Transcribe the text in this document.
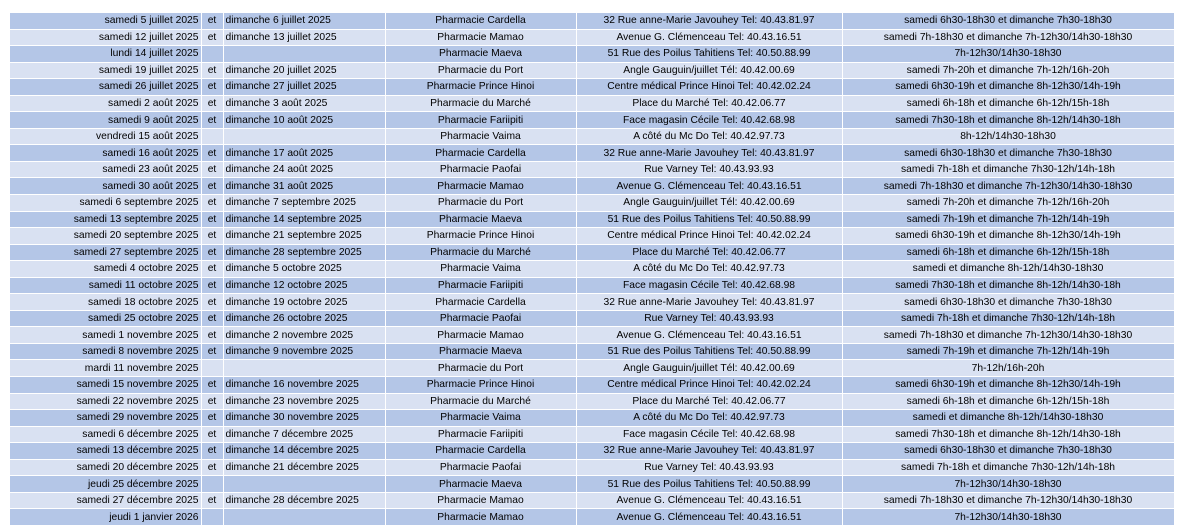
samedi 5 juillet 2025	et	dimanche 6 juillet 2025	Pharmacie Cardella	32 Rue anne-Marie Javouhey Tel: 40.43.81.97	samedi 6h30-18h30 et dimanche 7h30-18h30
samedi 12 juillet 2025	et	dimanche 13 juillet 2025	Pharmacie Mamao	Avenue G. Clémenceau Tel: 40.43.16.51	samedi 7h-18h30 et dimanche 7h-12h30/14h30-18h30
lundi 14 juillet 2025			Pharmacie Maeva	51 Rue des Poilus Tahitiens Tel: 40.50.88.99	7h-12h30/14h30-18h30
samedi 19 juillet 2025	et	dimanche 20 juillet 2025	Pharmacie du Port	Angle Gauguin/juillet Tél: 40.42.00.69	samedi 7h-20h et dimanche 7h-12h/16h-20h
samedi 26 juillet 2025	et	dimanche 27 juillet 2025	Pharmacie Prince Hinoi	Centre médical Prince Hinoi Tel: 40.42.02.24	samedi 6h30-19h et dimanche 8h-12h30/14h-19h
samedi 2 août 2025	et	dimanche 3 août 2025	Pharmacie du Marché	Place du Marché Tel: 40.42.06.77	samedi 6h-18h et dimanche 6h-12h/15h-18h
samedi 9 août 2025	et	dimanche 10 août 2025	Pharmacie Fariipiti	Face magasin Cécile Tel: 40.42.68.98	samedi 7h30-18h et dimanche 8h-12h/14h30-18h
vendredi 15 août 2025			Pharmacie Vaima	A côté du Mc Do Tel: 40.42.97.73	8h-12h/14h30-18h30
samedi 16 août 2025	et	dimanche 17 août 2025	Pharmacie Cardella	32 Rue anne-Marie Javouhey Tel: 40.43.81.97	samedi 6h30-18h30 et dimanche 7h30-18h30
samedi 23 août 2025	et	dimanche 24 août 2025	Pharmacie Paofai	Rue Varney Tel: 40.43.93.93	samedi 7h-18h et dimanche 7h30-12h/14h-18h
samedi 30 août 2025	et	dimanche 31 août 2025	Pharmacie Mamao	Avenue G. Clémenceau Tel: 40.43.16.51	samedi 7h-18h30 et dimanche 7h-12h30/14h30-18h30
samedi 6 septembre 2025	et	dimanche 7 septembre 2025	Pharmacie du Port	Angle Gauguin/juillet Tél: 40.42.00.69	samedi 7h-20h et dimanche 7h-12h/16h-20h
samedi 13 septembre 2025	et	dimanche 14 septembre 2025	Pharmacie Maeva	51 Rue des Poilus Tahitiens Tel: 40.50.88.99	samedi 7h-19h et dimanche 7h-12h/14h-19h
samedi 20 septembre 2025	et	dimanche 21 septembre 2025	Pharmacie Prince Hinoi	Centre médical Prince Hinoi Tel: 40.42.02.24	samedi 6h30-19h et dimanche 8h-12h30/14h-19h
samedi 27 septembre 2025	et	dimanche 28 septembre 2025	Pharmacie du Marché	Place du Marché Tel: 40.42.06.77	samedi 6h-18h et dimanche 6h-12h/15h-18h
samedi 4 octobre 2025	et	dimanche 5 octobre 2025	Pharmacie Vaima	A côté du Mc Do Tel: 40.42.97.73	samedi et dimanche 8h-12h/14h30-18h30
samedi 11 octobre 2025	et	dimanche 12 octobre 2025	Pharmacie Fariipiti	Face magasin Cécile Tel: 40.42.68.98	samedi 7h30-18h et dimanche 8h-12h/14h30-18h
samedi 18 octobre 2025	et	dimanche 19 octobre 2025	Pharmacie Cardella	32 Rue anne-Marie Javouhey Tel: 40.43.81.97	samedi 6h30-18h30 et dimanche 7h30-18h30
samedi 25 octobre 2025	et	dimanche 26 octobre 2025	Pharmacie Paofai	Rue Varney Tel: 40.43.93.93	samedi 7h-18h et dimanche 7h30-12h/14h-18h
samedi 1 novembre 2025	et	dimanche 2 novembre 2025	Pharmacie Mamao	Avenue G. Clémenceau Tel: 40.43.16.51	samedi 7h-18h30 et dimanche 7h-12h30/14h30-18h30
samedi 8 novembre 2025	et	dimanche 9 novembre 2025	Pharmacie Maeva	51 Rue des Poilus Tahitiens Tel: 40.50.88.99	samedi 7h-19h et dimanche 7h-12h/14h-19h
mardi 11 novembre 2025			Pharmacie du Port	Angle Gauguin/juillet Tél: 40.42.00.69	7h-12h/16h-20h
samedi 15 novembre 2025	et	dimanche 16 novembre 2025	Pharmacie Prince Hinoi	Centre médical Prince Hinoi Tel: 40.42.02.24	samedi 6h30-19h et dimanche 8h-12h30/14h-19h
samedi 22 novembre 2025	et	dimanche 23 novembre 2025	Pharmacie du Marché	Place du Marché Tel: 40.42.06.77	samedi 6h-18h et dimanche 6h-12h/15h-18h
samedi 29 novembre 2025	et	dimanche 30 novembre 2025	Pharmacie Vaima	A côté du Mc Do Tel: 40.42.97.73	samedi et dimanche 8h-12h/14h30-18h30
samedi 6 décembre 2025	et	dimanche 7 décembre 2025	Pharmacie Fariipiti	Face magasin Cécile Tel: 40.42.68.98	samedi 7h30-18h et dimanche 8h-12h/14h30-18h
samedi 13 décembre 2025	et	dimanche 14 décembre 2025	Pharmacie Cardella	32 Rue anne-Marie Javouhey Tel: 40.43.81.97	samedi 6h30-18h30 et dimanche 7h30-18h30
samedi 20 décembre 2025	et	dimanche 21 décembre 2025	Pharmacie Paofai	Rue Varney Tel: 40.43.93.93	samedi 7h-18h et dimanche 7h30-12h/14h-18h
jeudi 25 décembre 2025			Pharmacie Maeva	51 Rue des Poilus Tahitiens Tel: 40.50.88.99	7h-12h30/14h30-18h30
samedi 27 décembre 2025	et	dimanche 28 décembre 2025	Pharmacie Mamao	Avenue G. Clémenceau Tel: 40.43.16.51	samedi 7h-18h30 et dimanche 7h-12h30/14h30-18h30
jeudi 1 janvier 2026			Pharmacie Mamao	Avenue G. Clémenceau Tel: 40.43.16.51	7h-12h30/14h30-18h30
